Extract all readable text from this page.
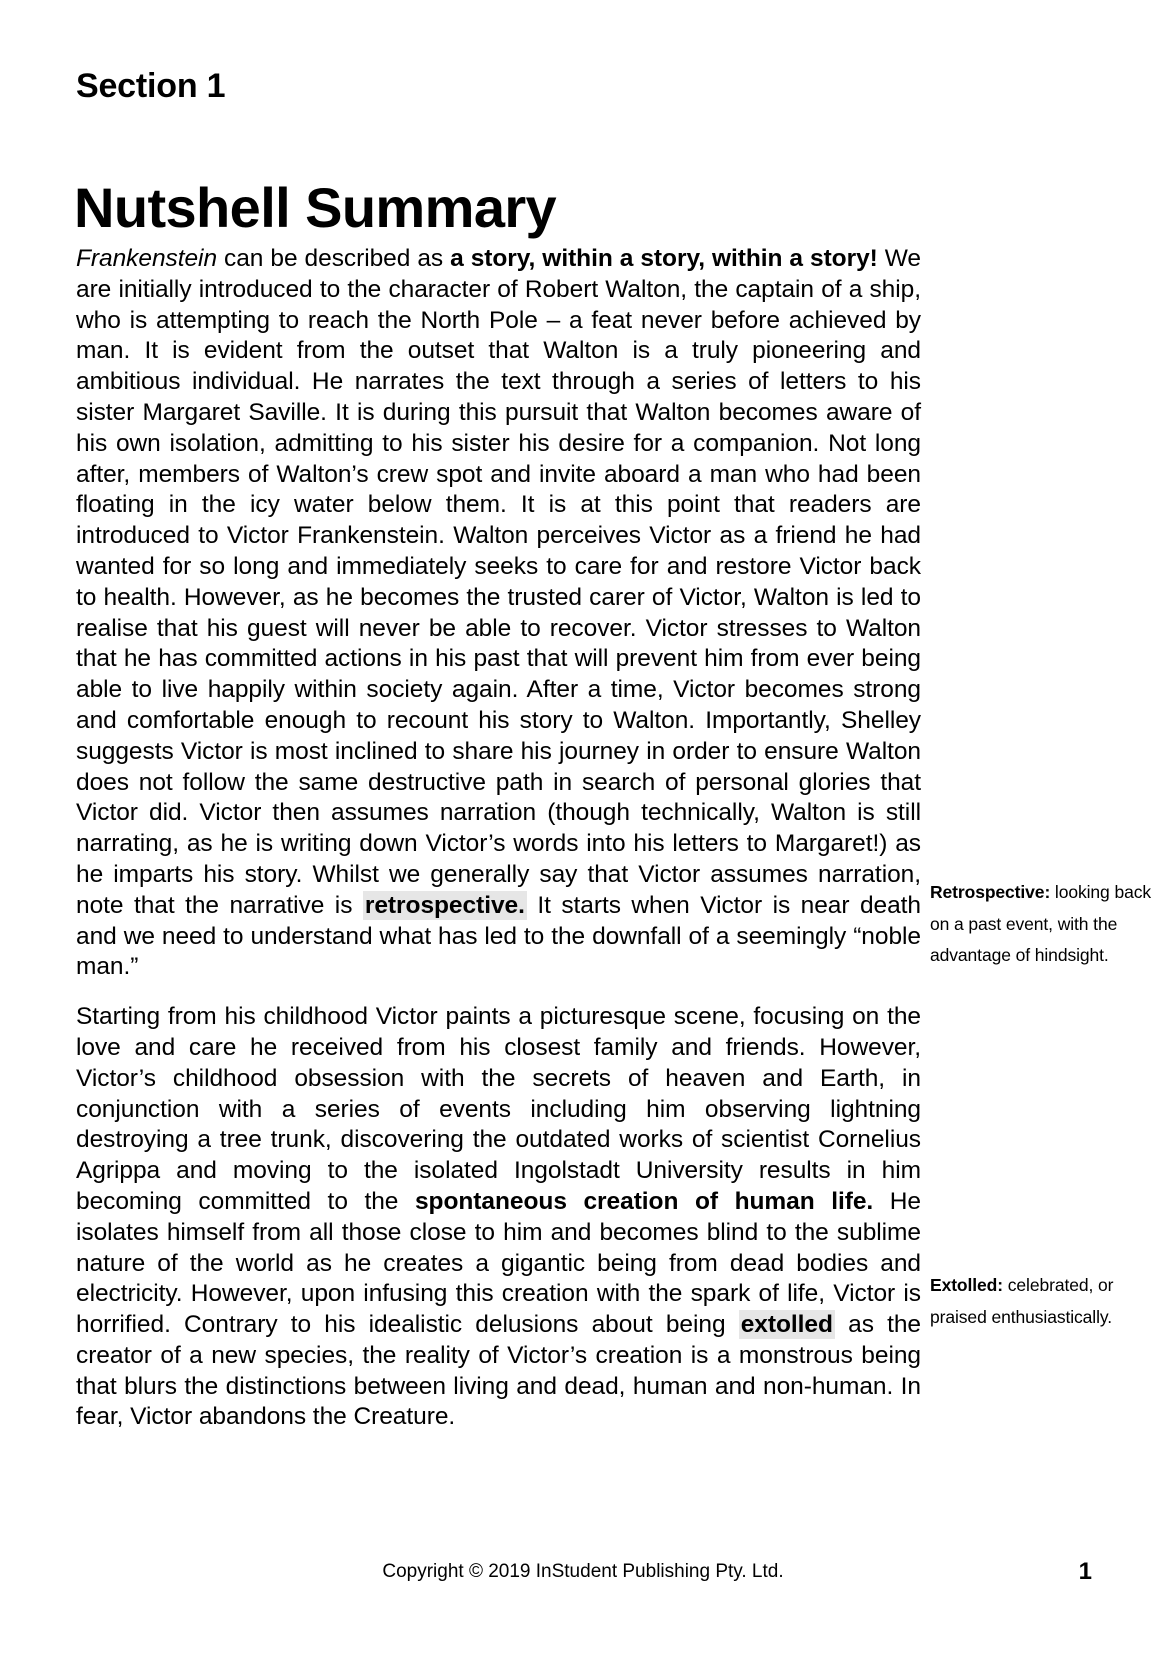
Section 1
Nutshell Summary

Frankenstein can be described as a story, within a story, within a story! We are initially introduced to the character of Robert Walton, the captain of a ship, who is attempting to reach the North Pole – a feat never before achieved by man. It is evident from the outset that Walton is a truly pioneering and ambitious individual. He narrates the text through a series of letters to his sister Margaret Saville. It is during this pursuit that Walton becomes aware of his own isolation, admitting to his sister his desire for a companion. Not long after, members of Walton’s crew spot and invite aboard a man who had been floating in the icy water below them. It is at this point that readers are introduced to Victor Frankenstein. Walton perceives Victor as a friend he had wanted for so long and immediately seeks to care for and restore Victor back to health. However, as he becomes the trusted carer of Victor, Walton is led to realise that his guest will never be able to recover. Victor stresses to Walton that he has committed actions in his past that will prevent him from ever being able to live happily within society again. After a time, Victor becomes strong and comfortable enough to recount his story to Walton. Importantly, Shelley suggests Victor is most inclined to share his journey in order to ensure Walton does not follow the same destructive path in search of personal glories that Victor did. Victor then assumes narration (though technically, Walton is still narrating, as he is writing down Victor’s words into his letters to Margaret!) as he imparts his story. Whilst we generally say that Victor assumes narration, note that the narrative is retrospective. It starts when Victor is near death and we need to understand what has led to the downfall of a seemingly “noble man.”

Starting from his childhood Victor paints a picturesque scene, focusing on the love and care he received from his closest family and friends. However, Victor’s childhood obsession with the secrets of heaven and Earth, in conjunction with a series of events including him observing lightning destroying a tree trunk, discovering the outdated works of scientist Cornelius Agrippa and moving to the isolated Ingolstadt University results in him becoming committed to the spontaneous creation of human life. He isolates himself from all those close to him and becomes blind to the sublime nature of the world as he creates a gigantic being from dead bodies and electricity. However, upon infusing this creation with the spark of life, Victor is horrified. Contrary to his idealistic delusions about being extolled as the creator of a new species, the reality of Victor’s creation is a monstrous being that blurs the distinctions between living and dead, human and non-human. In fear, Victor abandons the Creature.

Retrospective: looking back on a past event, with the advantage of hindsight.
Extolled: celebrated, or praised enthusiastically.
Copyright © 2019 InStudent Publishing Pty. Ltd.	1
